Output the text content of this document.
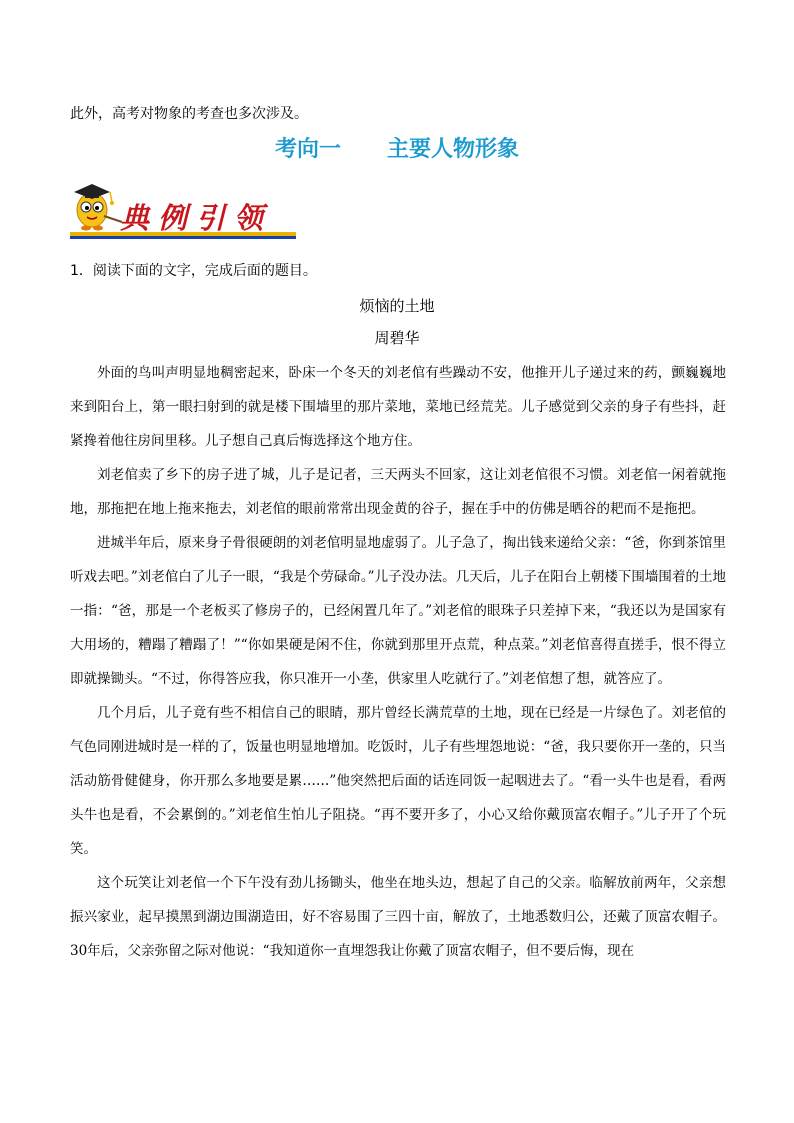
此外，高考对物象的考查也多次涉及。
考向一 主要人物形象
典例引领
1．阅读下面的文字，完成后面的题目。
烦恼的土地
周碧华

外面的鸟叫声明显地稠密起来，卧床一个冬天的刘老倌有些躁动不安，他推开儿子递过来的药，颤巍巍地来到阳台上，第一眼扫射到的就是楼下围墙里的那片菜地，菜地已经荒芜。儿子感觉到父亲的身子有些抖，赶紧搀着他往房间里移。儿子想自己真后悔选择这个地方住。

刘老倌卖了乡下的房子进了城，儿子是记者，三天两头不回家，这让刘老倌很不习惯。刘老倌一闲着就拖地，那拖把在地上拖来拖去，刘老倌的眼前常常出现金黄的谷子，握在手中的仿佛是晒谷的耙而不是拖把。

进城半年后，原来身子骨很硬朗的刘老倌明显地虚弱了。儿子急了，掏出钱来递给父亲：“爸，你到茶馆里听戏去吧。”刘老倌白了儿子一眼，“我是个劳碌命。”儿子没办法。几天后，儿子在阳台上朝楼下围墙围着的土地一指：“爸，那是一个老板买了修房子的，已经闲置几年了。”刘老倌的眼珠子只差掉下来，“我还以为是国家有大用场的，糟蹋了糟蹋了！”“你如果硬是闲不住，你就到那里开点荒，种点菜。”刘老倌喜得直搓手，恨不得立即就操锄头。“不过，你得答应我，你只准开一小垄，供家里人吃就行了。”刘老倌想了想，就答应了。

几个月后，儿子竟有些不相信自己的眼睛，那片曾经长满荒草的土地，现在已经是一片绿色了。刘老倌的气色同刚进城时是一样的了，饭量也明显地增加。吃饭时，儿子有些埋怨地说：“爸，我只要你开一垄的，只当活动筋骨健健身，你开那么多地要是累……”他突然把后面的话连同饭一起咽进去了。“看一头牛也是看，看两头牛也是看，不会累倒的。”刘老倌生怕儿子阻挠。“再不要开多了，小心又给你戴顶富农帽子。”儿子开了个玩笑。

这个玩笑让刘老倌一个下午没有劲儿扬锄头，他坐在地头边，想起了自己的父亲。临解放前两年，父亲想振兴家业，起早摸黑到湖边围湖造田，好不容易围了三四十亩，解放了，土地悉数归公，还戴了顶富农帽子。30年后，父亲弥留之际对他说：“我知道你一直埋怨我让你戴了顶富农帽子，但不要后悔，现在
